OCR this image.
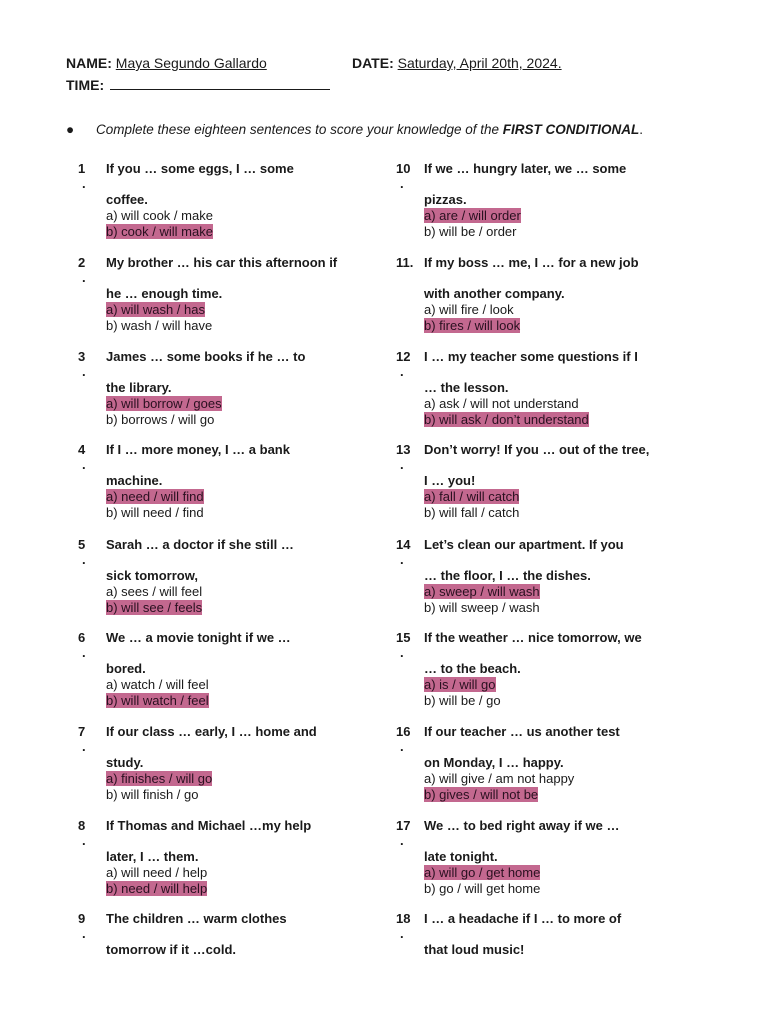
NAME: Maya Segundo Gallardo	DATE: Saturday, April 20th, 2024.
TIME:
● Complete these eighteen sentences to score your knowledge of the FIRST CONDITIONAL.
1
.
If you … some eggs, I … some
coffee.
a) will cook / make
b) cook / will make
2
.
My brother … his car this afternoon if
he … enough time.
a) will wash / has
b) wash / will have
3
.
James … some books if he … to
the library.
a) will borrow / goes
b) borrows / will go
4
.
If I … more money, I … a bank
machine.
a) need / will find
b) will need / find
5
.
Sarah … a doctor if she still …
sick tomorrow,
a) sees / will feel
b) will see / feels
6
.
We … a movie tonight if we …
bored.
a) watch / will feel
b) will watch / feel
7
.
If our class … early, I … home and
study.
a) finishes / will go
b) will finish / go
8
.
If Thomas and Michael …my help
later, I … them.
a) will need / help
b) need / will help
9
.
The children … warm clothes
tomorrow if it …cold.
10
.
If we … hungry later, we … some
pizzas.
a) are / will order
b) will be / order
11. If my boss … me, I … for a new job
with another company.
a) will fire / look
b) fires / will look
12
.
I … my teacher some questions if I
… the lesson.
a) ask / will not understand
b) will ask / don’t understand
13
.
Don’t worry! If you … out of the tree,
I … you!
a) fall / will catch
b) will fall / catch
14
.
Let’s clean our apartment. If you
… the floor, I … the dishes.
a) sweep / will wash
b) will sweep / wash
15
.
If the weather … nice tomorrow, we
… to the beach.
a) is / will go
b) will be / go
16
.
If our teacher … us another test
on Monday, I … happy.
a) will give / am not happy
b) gives / will not be
17
.
We … to bed right away if we …
late tonight.
a) will go / get home
b) go / will get home
18
.
I … a headache if I … to more of
that loud music!
